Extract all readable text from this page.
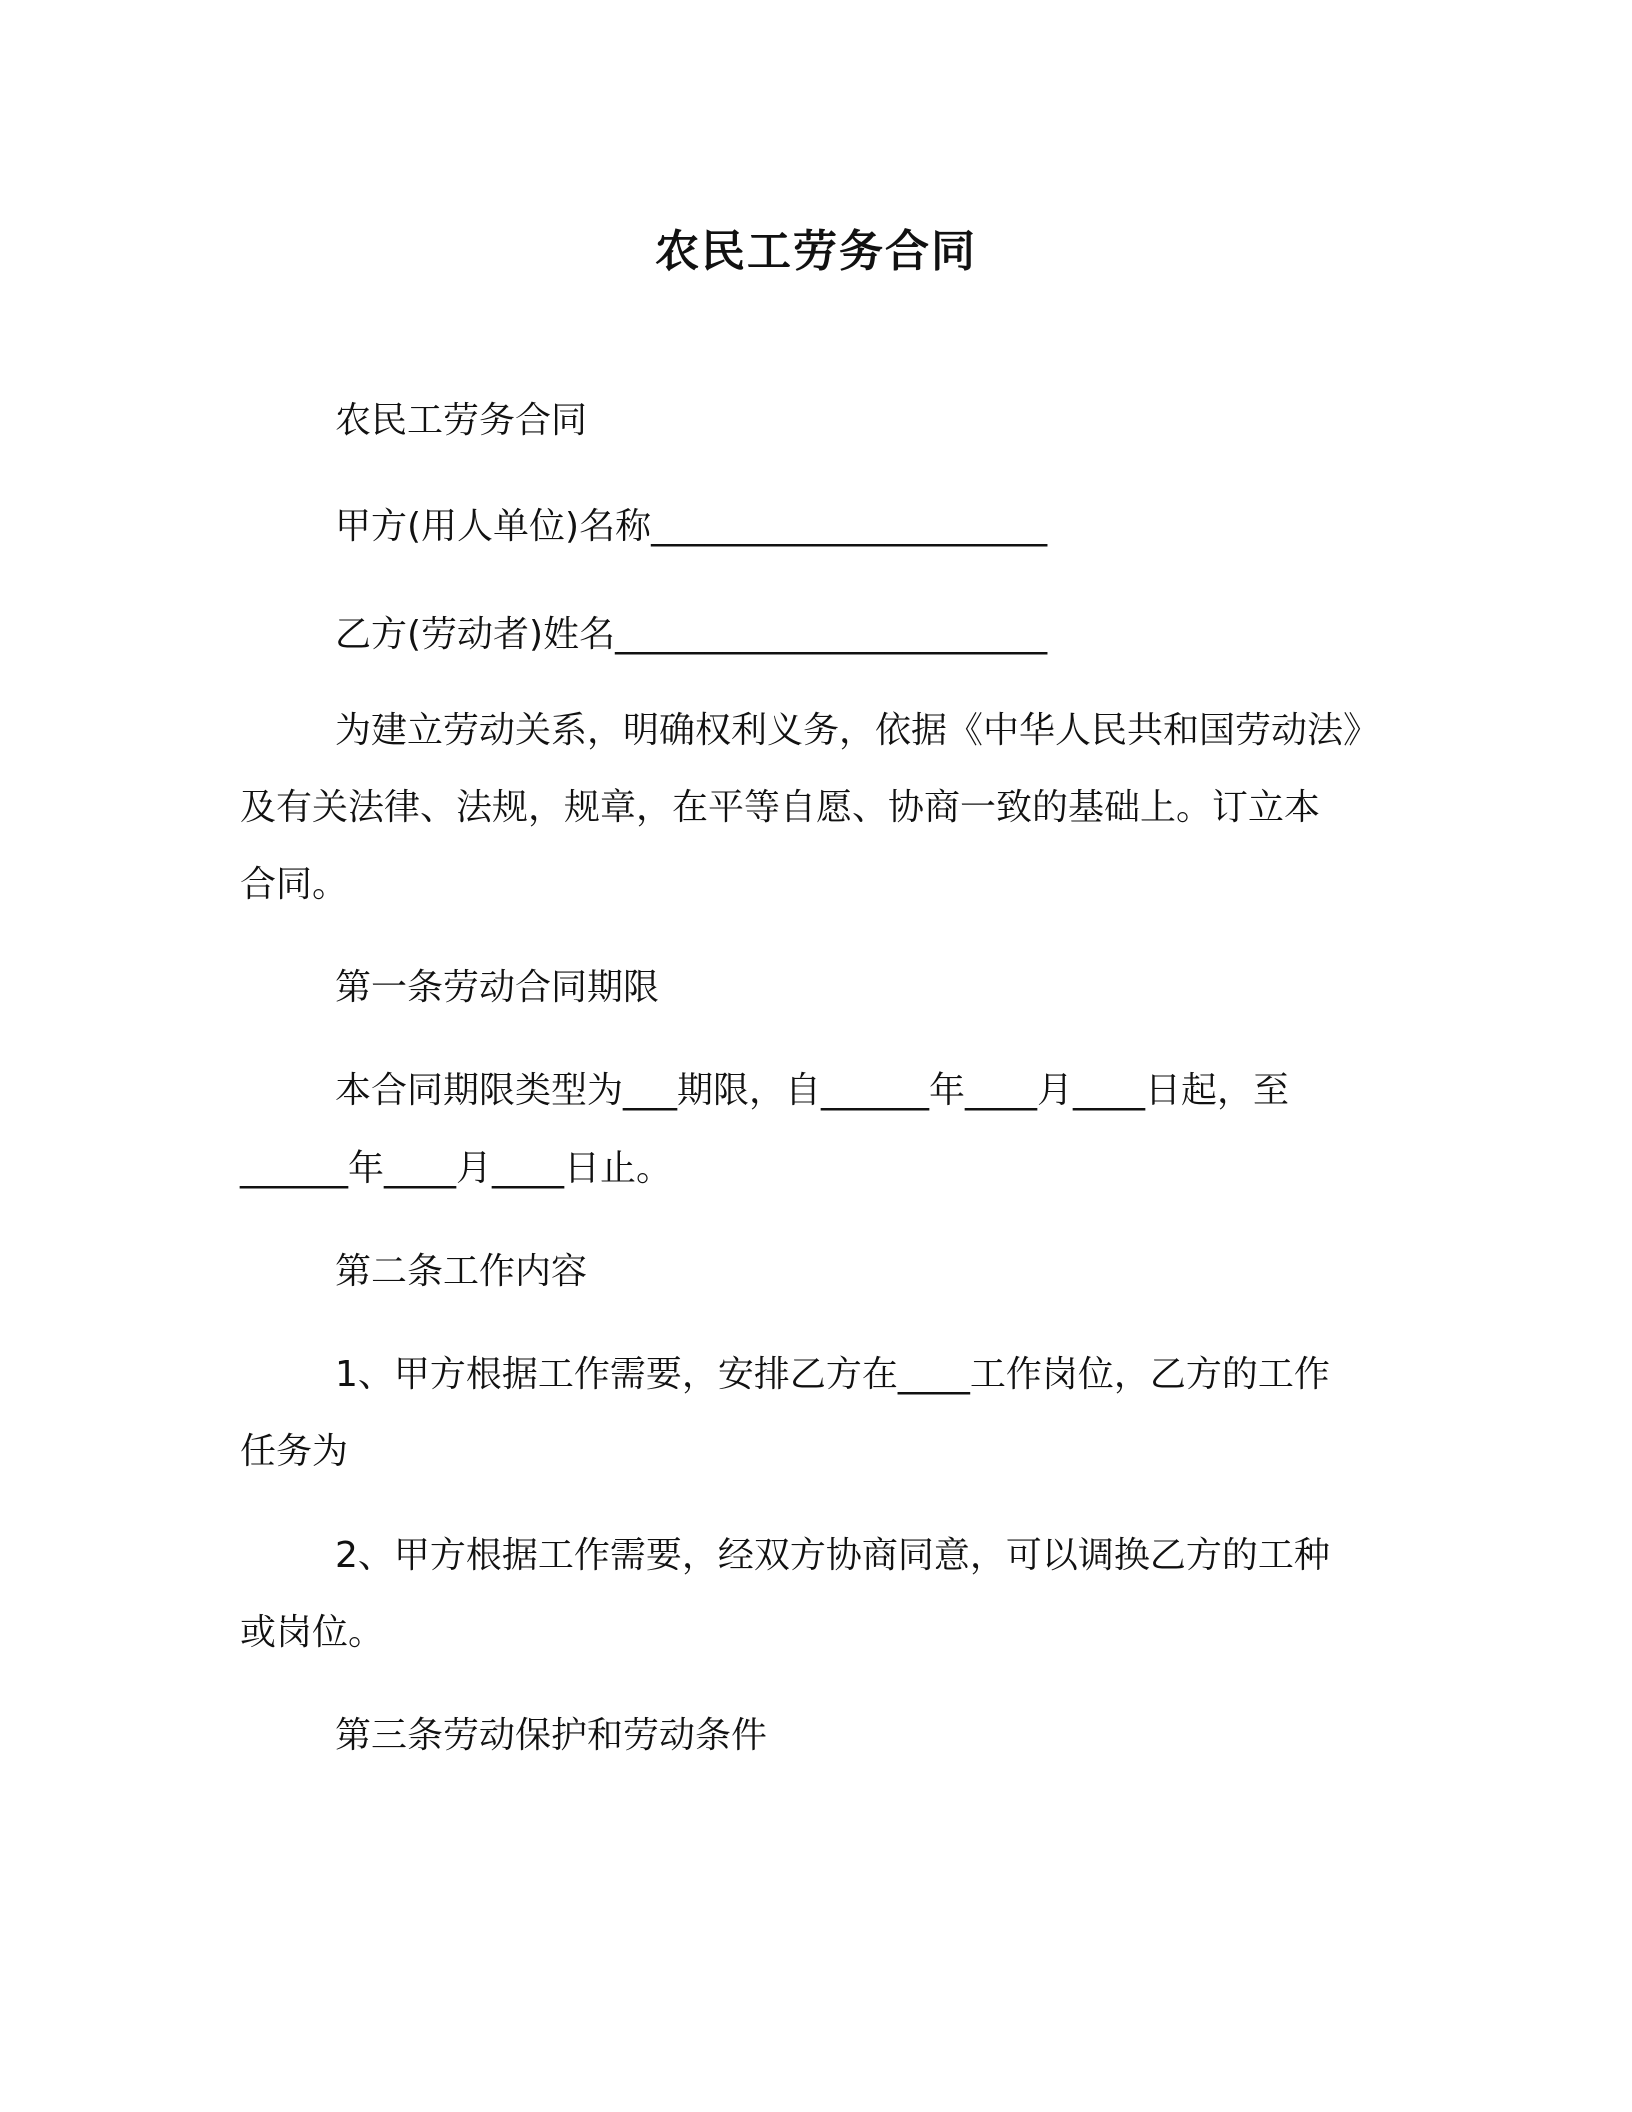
农民工劳务合同

农民工劳务合同

甲方(用人单位)名称______________________

乙方(劳动者)姓名________________________

为建立劳动关系，明确权利义务，依据《中华人民共和国劳动法》

及有关法律、法规，规章，在平等自愿、协商一致的基础上。订立本

合同。

第一条劳动合同期限

本合同期限类型为___期限，自______年____月____日起，至

______年____月____日止。

第二条工作内容

1、甲方根据工作需要，安排乙方在____工作岗位，乙方的工作

任务为

2、甲方根据工作需要，经双方协商同意，可以调换乙方的工种

或岗位。

第三条劳动保护和劳动条件
